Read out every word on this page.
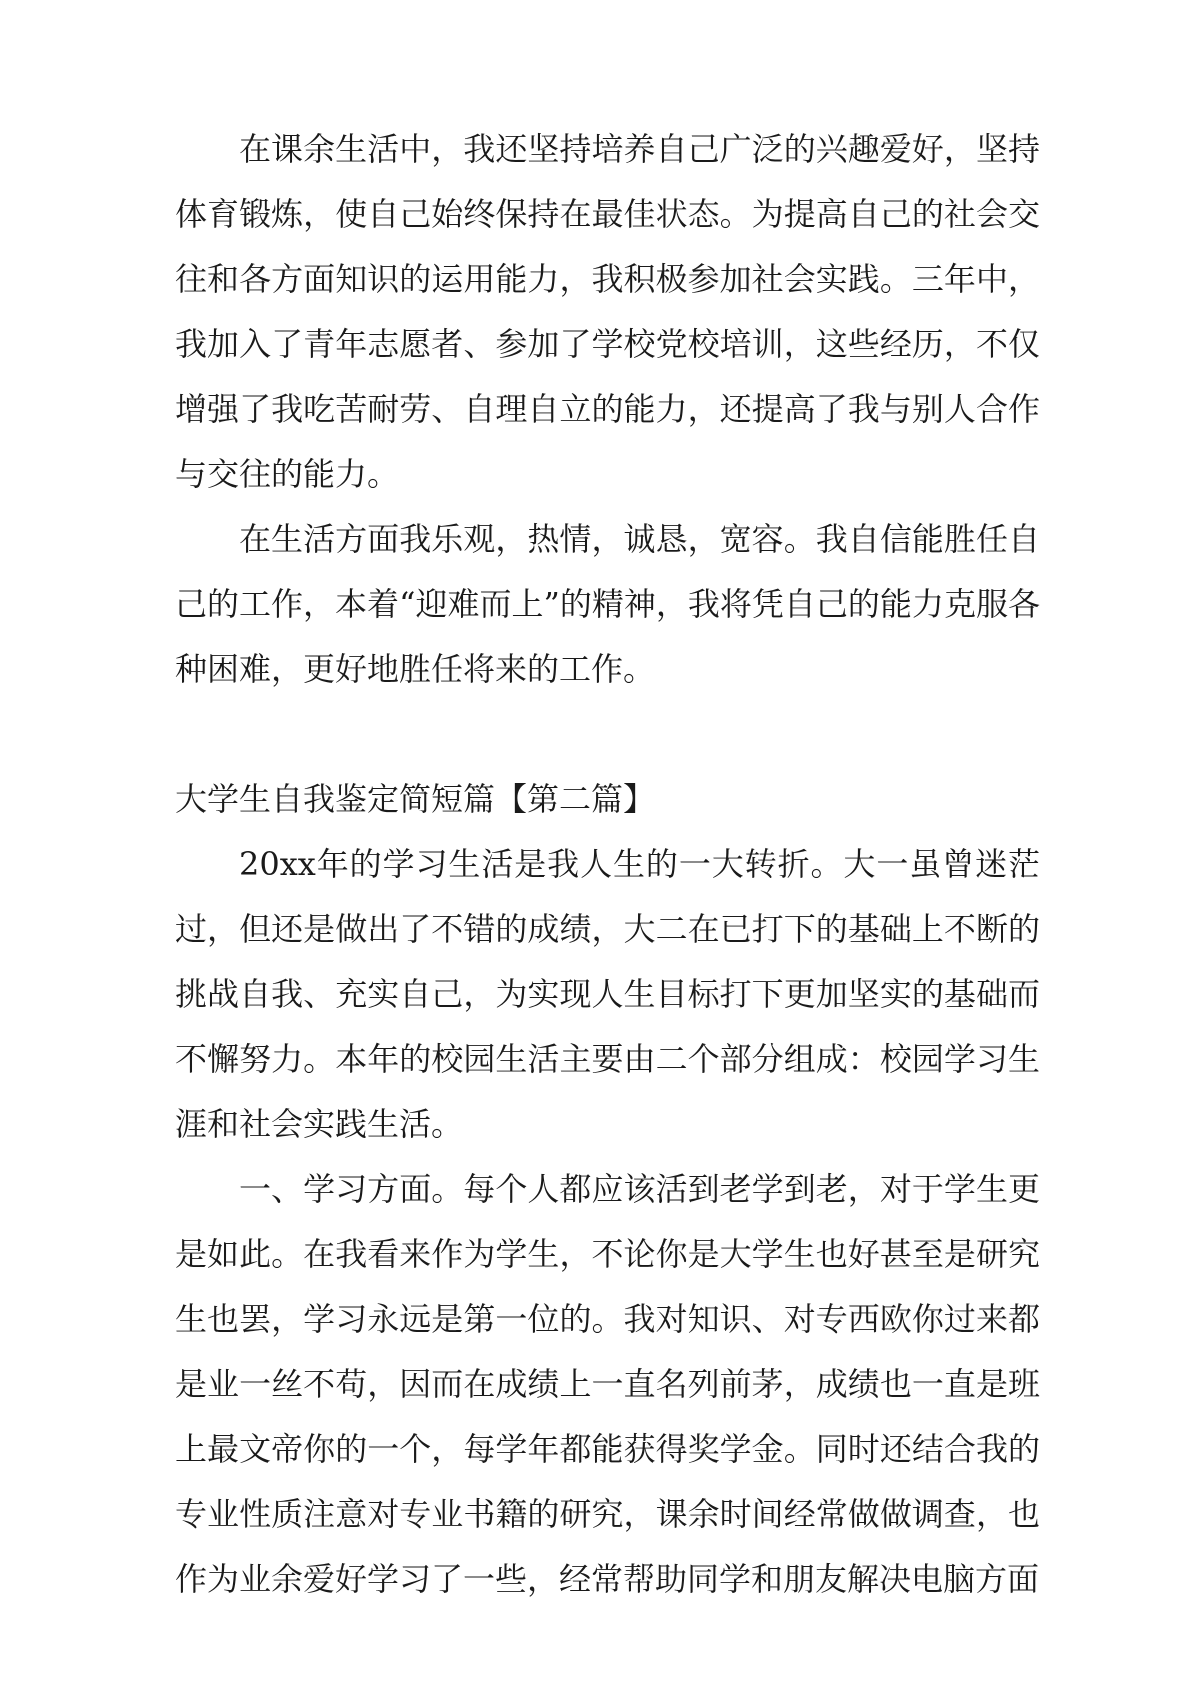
在课余生活中，我还坚持培养自己广泛的兴趣爱好，坚持体育锻炼，使自己始终保持在最佳状态。为提高自己的社会交往和各方面知识的运用能力，我积极参加社会实践。三年中，我加入了青年志愿者、参加了学校党校培训，这些经历，不仅增强了我吃苦耐劳、自理自立的能力，还提高了我与别人合作与交往的能力。

在生活方面我乐观，热情，诚恳，宽容。我自信能胜任自己的工作，本着“迎难而上”的精神，我将凭自己的能力克服各种困难，更好地胜任将来的工作。

大学生自我鉴定简短篇【第二篇】

20xx年的学习生活是我人生的一大转折。大一虽曾迷茫过，但还是做出了不错的成绩，大二在已打下的基础上不断的挑战自我、充实自己，为实现人生目标打下更加坚实的基础而不懈努力。本年的校园生活主要由二个部分组成：校园学习生涯和社会实践生活。

一、学习方面。每个人都应该活到老学到老，对于学生更是如此。在我看来作为学生，不论你是大学生也好甚至是研究生也罢，学习永远是第一位的。我对知识、对专西欧你过来都是业一丝不苟，因而在成绩上一直名列前茅，成绩也一直是班上最文帝你的一个，每学年都能获得奖学金。同时还结合我的专业性质注意对专业书籍的研究，课余时间经常做做调查，也作为业余爱好学习了一些，经常帮助同学和朋友解决电脑方面
